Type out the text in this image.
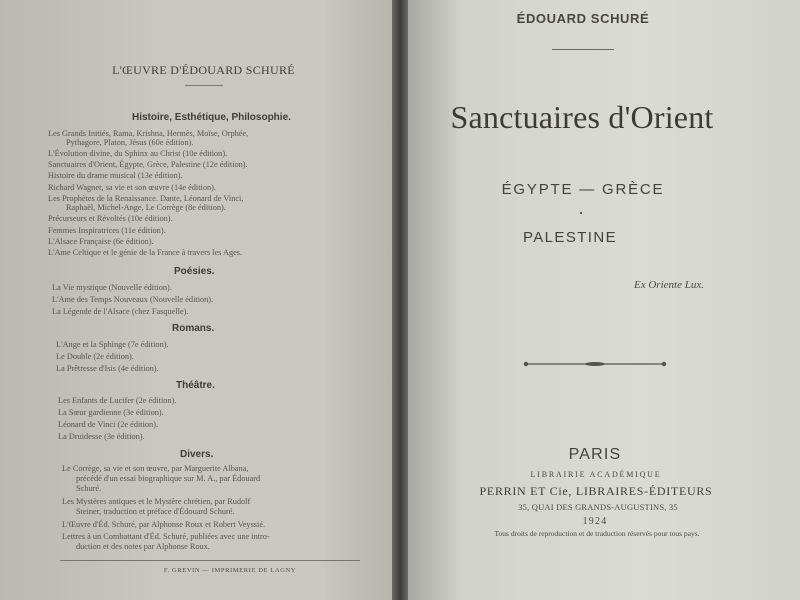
L'ŒUVRE D'ÉDOUARD SCHURÉ
Histoire, Esthétique, Philosophie.
Les Grands Initiés, Rama, Krishna, Hermès, Moïse, Orphée,
Pythagore, Platon, Jésus (60e édition).
L'Évolution divine, du Sphinx au Christ (10e édition).
Sanctuaires d'Orient, Égypte, Grèce, Palestine (12e édition).
Histoire du drame musical (13e édition).
Richard Wagner, sa vie et son œuvre (14e édition).
Les Prophètes de la Renaissance. Dante, Léonard de Vinci,
Raphaël, Michel-Ange, Le Corrège (8e édition).
Précurseurs et Révoltés (10e édition).
Femmes Inspiratrices (11e édition).
L'Alsace Française (6e édition).
L'Ame Celtique et le génie de la France à travers les Ages.
Poésies.
La Vie mystique (Nouvelle édition).
L'Ame des Temps Nouveaux (Nouvelle édition).
La Légende de l'Alsace (chez Fasquelle).
Romans.
L'Ange et la Sphinge (7e édition).
Le Double (2e édition).
La Prêtresse d'Isis (4e édition).
Théâtre.
Les Enfants de Lucifer (2e édition).
La Sœur gardienne (3e édition).
Léonard de Vinci (2e édition).
La Druidesse (3e édition).
Divers.
Le Corrège, sa vie et son œuvre, par Marguerite Albana,
précédé d'un essai biographique sur M. A., par Édouard
Schuré.
Les Mystères antiques et le Mystère chrétien, par Rudolf
Steiner, traduction et préface d'Édouard Schuré.
L'Œuvre d'Éd. Schuré, par Alphonse Roux et Robert Veyssié.
Lettres à un Combattant d'Éd. Schuré, publiées avec une intro-
duction et des notes par Alphonse Roux.
F. GREVIN — IMPRIMERIE DE LAGNY
ÉDOUARD SCHURÉ
Sanctuaires d'Orient
ÉGYPTE — GRÈCE
PALESTINE
Ex Oriente Lux.
PARIS
LIBRAIRIE ACADÉMIQUE
PERRIN ET Cie, LIBRAIRES-ÉDITEURS
35, QUAI DES GRANDS-AUGUSTINS, 35
1924
Tous droits de reproduction et de traduction réservés pour tous pays.
